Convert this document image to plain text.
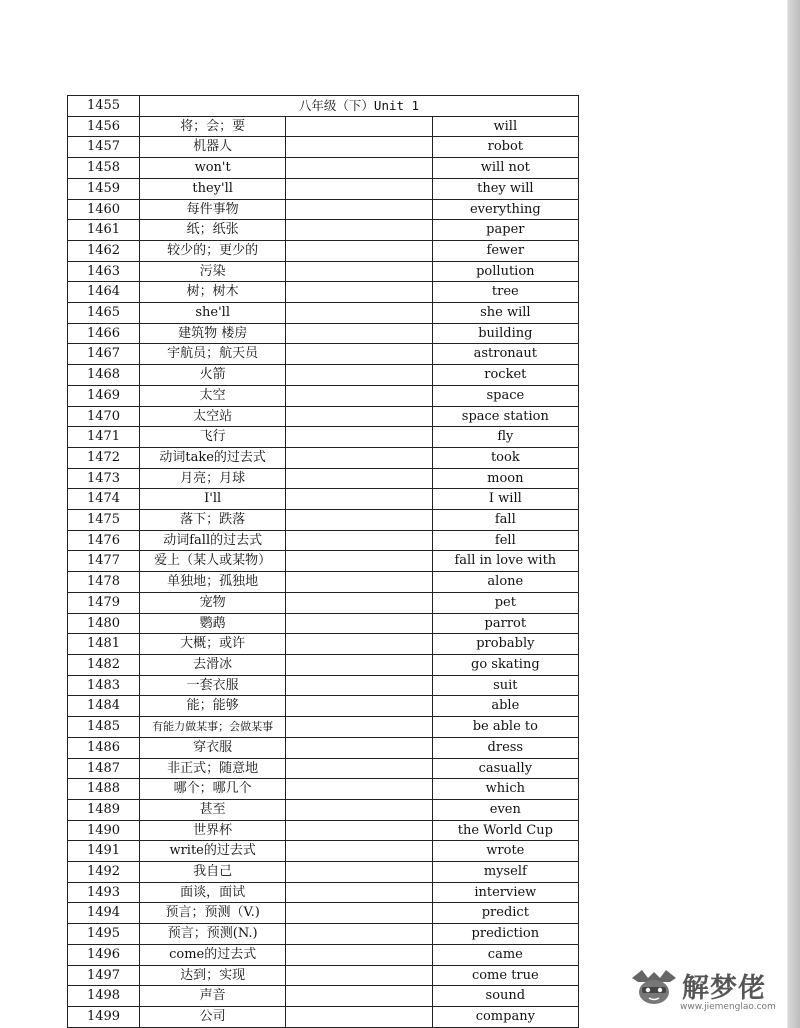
1455	八年级（下）Unit 1		
1456	将；会；要		will
1457	机器人		robot
1458	won't		will not
1459	they'll		they will
1460	每件事物		everything
1461	纸；纸张		paper
1462	较少的；更少的		fewer
1463	污染		pollution
1464	树；树木		tree
1465	she'll		she will
1466	建筑物 楼房		building
1467	宇航员；航天员		astronaut
1468	火箭		rocket
1469	太空		space
1470	太空站		space station
1471	飞行		fly
1472	动词take的过去式		took
1473	月亮；月球		moon
1474	I'll		I will
1475	落下；跌落		fall
1476	动词fall的过去式		fell
1477	爱上（某人或某物）		fall in love with
1478	单独地；孤独地		alone
1479	宠物		pet
1480	鹦鹉		parrot
1481	大概；或许		probably
1482	去滑冰		go skating
1483	一套衣服		suit
1484	能；能够		able
1485	有能力做某事；会做某事		be able to
1486	穿衣服		dress
1487	非正式；随意地		casually
1488	哪个；哪几个		which
1489	甚至		even
1490	世界杯		the World Cup
1491	write的过去式		wrote
1492	我自己		myself
1493	面谈，面试		interview
1494	预言；预测（V.)		predict
1495	预言；预测(N.)		prediction
1496	come的过去式		came
1497	达到；实现		come true
1498	声音		sound
1499	公司		company
解梦佬
www.jiemenglao.com
